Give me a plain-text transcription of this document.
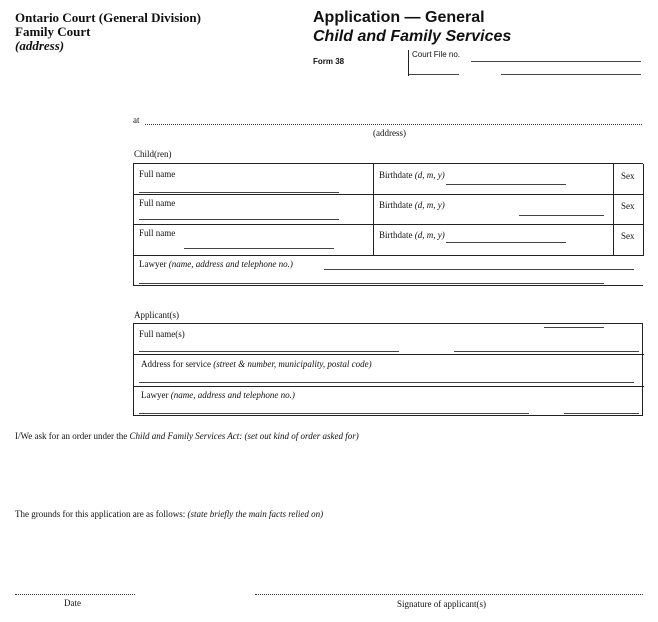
Ontario Court (General Division)
Family Court
(address)
Application — General
Child and Family Services
Form 38
Court File no.
at
(address)
Child(ren)
Full name	Birthdate (d, m, y)	Sex
Full name	Birthdate (d, m, y)	Sex
Full name	Birthdate (d, m, y)	Sex
Lawyer (name, address and telephone no.)
Applicant(s)
Full name(s)
Address for service (street & number, municipality, postal code)
Lawyer (name, address and telephone no.)
I/We ask for an order under the Child and Family Services Act: (set out kind of order asked for)
The grounds for this application are as follows: (state briefly the main facts relied on)
Date	Signature of applicant(s)
